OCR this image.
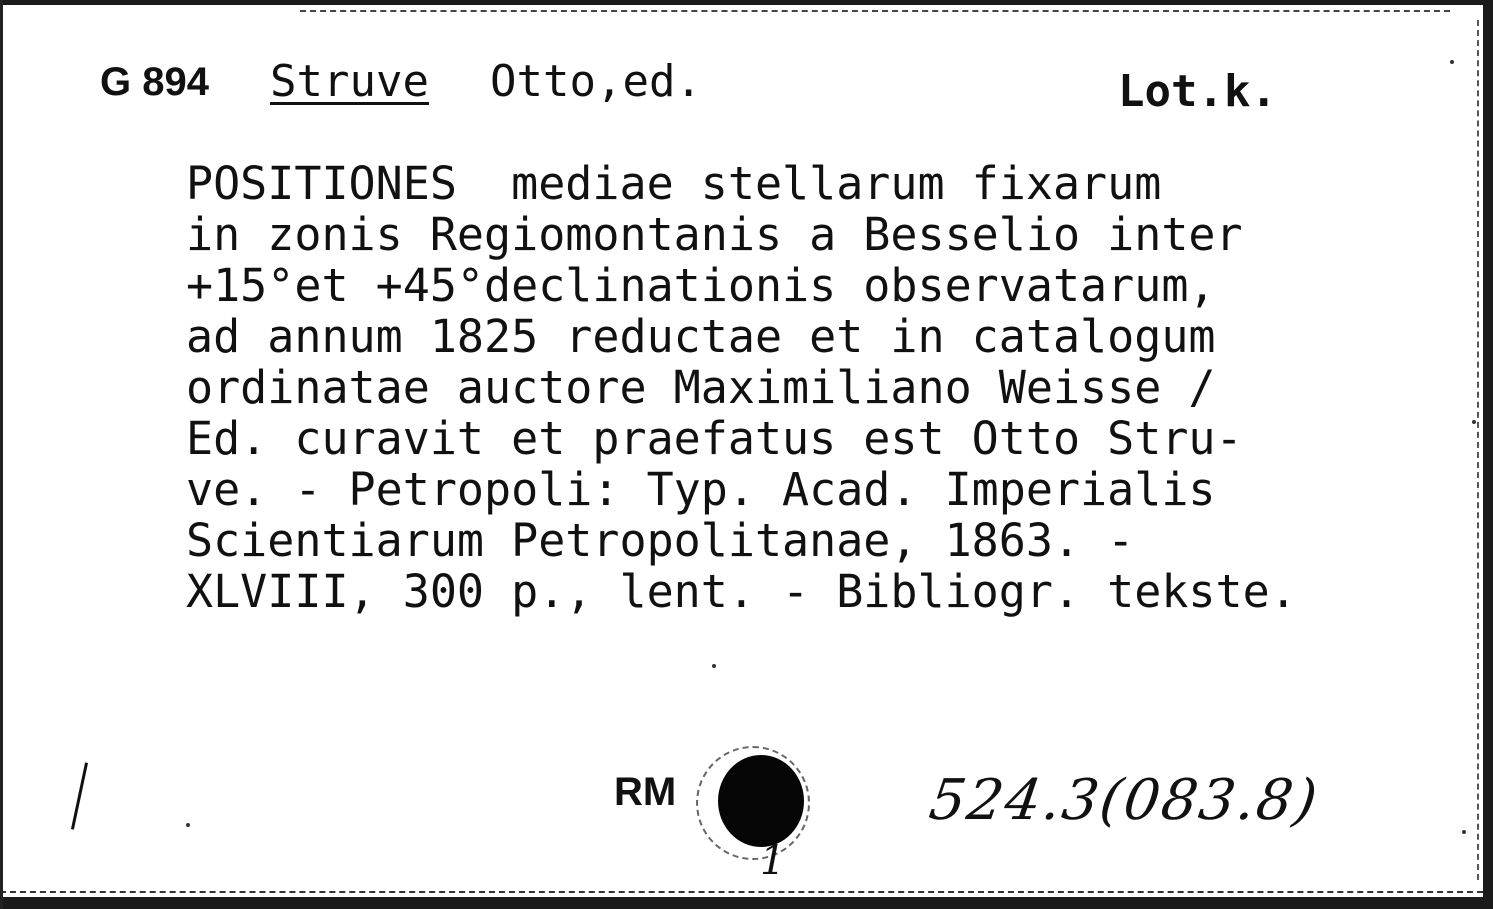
G 894 Struve Otto,ed.	Lot.k.
POSITIONES  mediae stellarum fixarum
in zonis Regiomontanis a Besselio inter
+15°et +45°declinationis observatarum,
ad annum 1825 reductae et in catalogum
ordinatae auctore Maximiliano Weisse /
Ed. curavit et praefatus est Otto Stru-
ve. - Petropoli: Typ. Acad. Imperialis
Scientiarum Petropolitanae, 1863. -
XLVIII, 300 p., lent. - Bibliogr. tekste.
RM
1
524.3(083.8)
